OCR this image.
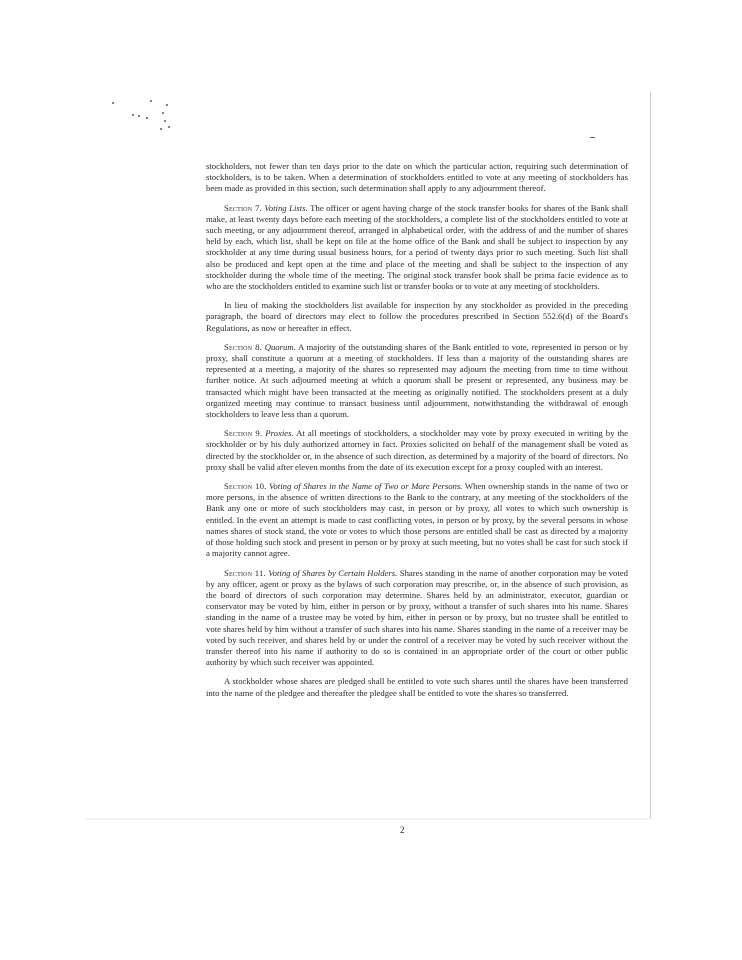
stockholders, not fewer than ten days prior to the date on which the particular action, requiring such determination of stockholders, is to be taken. When a determination of stockholders entitled to vote at any meeting of stockholders has been made as provided in this section, such determination shall apply to any adjournment thereof.

Section 7. Voting Lists. The officer or agent having charge of the stock transfer books for shares of the Bank shall make, at least twenty days before each meeting of the stockholders, a complete list of the stockholders entitled to vote at such meeting, or any adjournment thereof, arranged in alphabetical order, with the address of and the number of shares held by each, which list, shall be kept on file at the home office of the Bank and shall be subject to inspection by any stockholder at any time during usual business hours, for a period of twenty days prior to such meeting. Such list shall also be produced and kept open at the time and place of the meeting and shall be subject to the inspection of any stockholder during the whole time of the meeting. The original stock transfer book shall be prima facie evidence as to who are the stockholders entitled to examine such list or transfer books or to vote at any meeting of stockholders.

In lieu of making the stockholders list available for inspection by any stockholder as provided in the preceding paragraph, the board of directors may elect to follow the procedures prescribed in Section 552.6(d) of the Board's Regulations, as now or hereafter in effect.

Section 8. Quorum. A majority of the outstanding shares of the Bank entitled to vote, represented in person or by proxy, shall constitute a quorum at a meeting of stockholders. If less than a majority of the outstanding shares are represented at a meeting, a majority of the shares so represented may adjourn the meeting from time to time without further notice. At such adjourned meeting at which a quorum shall be present or represented, any business may be transacted which might have been transacted at the meeting as originally notified. The stockholders present at a duly organized meeting may continue to transact business until adjournment, notwithstanding the withdrawal of enough stockholders to leave less than a quorum.

Section 9. Proxies. At all meetings of stockholders, a stockholder may vote by proxy executed in writing by the stockholder or by his duly authorized attorney in fact. Proxies solicited on behalf of the management shall be voted as directed by the stockholder or, in the absence of such direction, as determined by a majority of the board of directors. No proxy shall be valid after eleven months from the date of its execution except for a proxy coupled with an interest.

Section 10. Voting of Shares in the Name of Two or More Persons. When ownership stands in the name of two or more persons, in the absence of written directions to the Bank to the contrary, at any meeting of the stockholders of the Bank any one or more of such stockholders may cast, in person or by proxy, all votes to which such ownership is entitled. In the event an attempt is made to cast conflicting votes, in person or by proxy, by the several persons in whose names shares of stock stand, the vote or votes to which those persons are entitled shall be cast as directed by a majority of those holding such stock and present in person or by proxy at such meeting, but no votes shall be cast for such stock if a majority cannot agree.

Section 11. Voting of Shares by Certain Holders. Shares standing in the name of another corporation may be voted by any officer, agent or proxy as the bylaws of such corporation may prescribe, or, in the absence of such provision, as the board of directors of such corporation may determine. Shares held by an administrator, executor, guardian or conservator may be voted by him, either in person or by proxy, without a transfer of such shares into his name. Shares standing in the name of a trustee may be voted by him, either in person or by proxy, but no trustee shall be entitled to vote shares held by him without a transfer of such shares into his name. Shares standing in the name of a receiver may be voted by such receiver, and shares held by or under the control of a receiver may be voted by such receiver without the transfer thereof into his name if authority to do so is contained in an appropriate order of the court or other public authority by which such receiver was appointed.

A stockholder whose shares are pledged shall be entitled to vote such shares until the shares have been transferred into the name of the pledgee and thereafter the pledgee shall be entitled to vote the shares so transferred.

2
